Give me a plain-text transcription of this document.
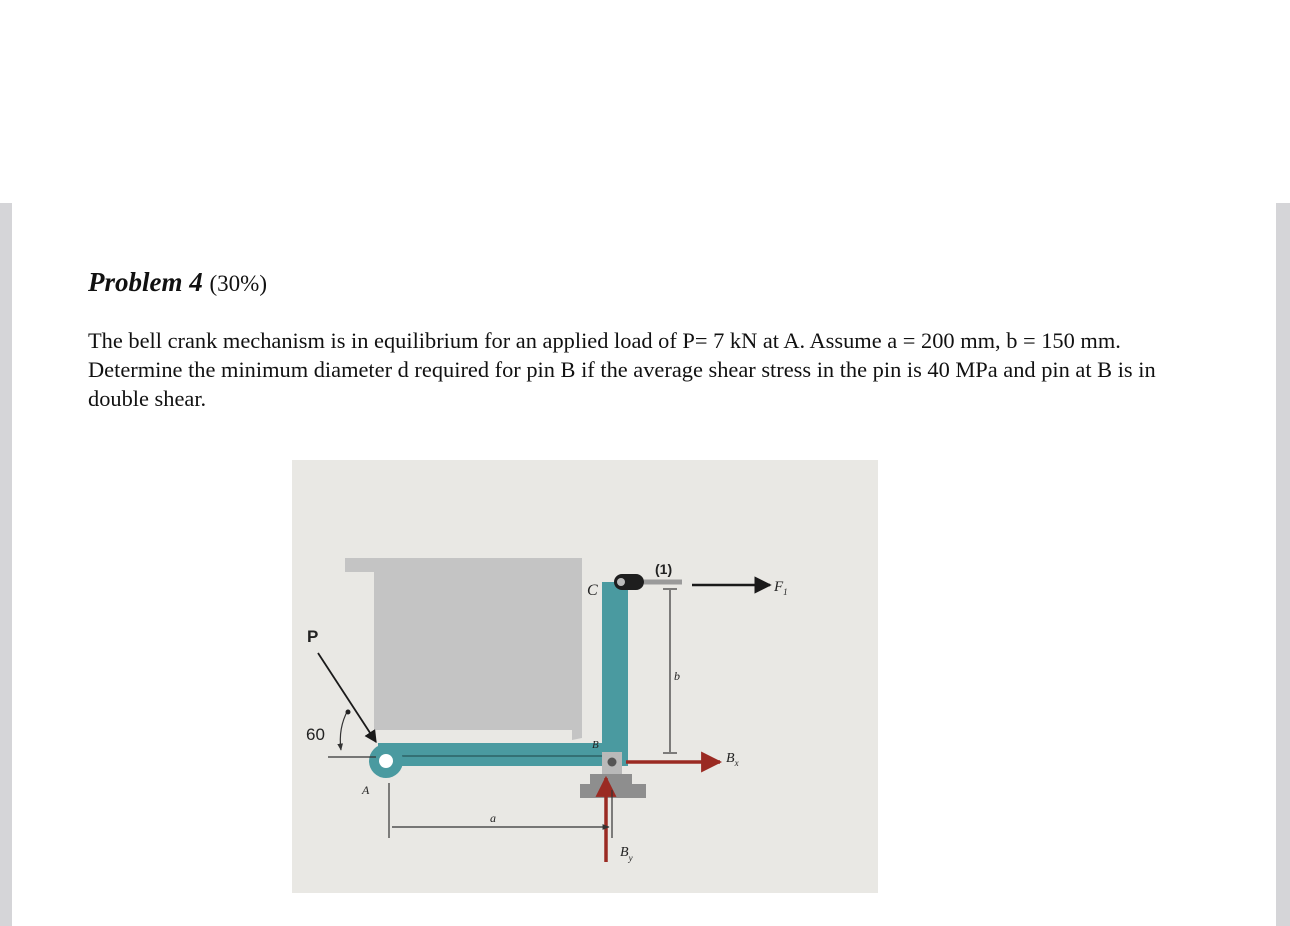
Problem 4 (30%)

The bell crank mechanism is in equilibrium for an applied load of P= 7 kN at A. Assume a = 200 mm, b = 150 mm. Determine the minimum diameter d required for pin B if the average shear stress in the pin is 40 MPa and pin at B is in double shear.

P
60
A
a
B
C
(1)
b
$F_1$
$B_x$
$B_y$
